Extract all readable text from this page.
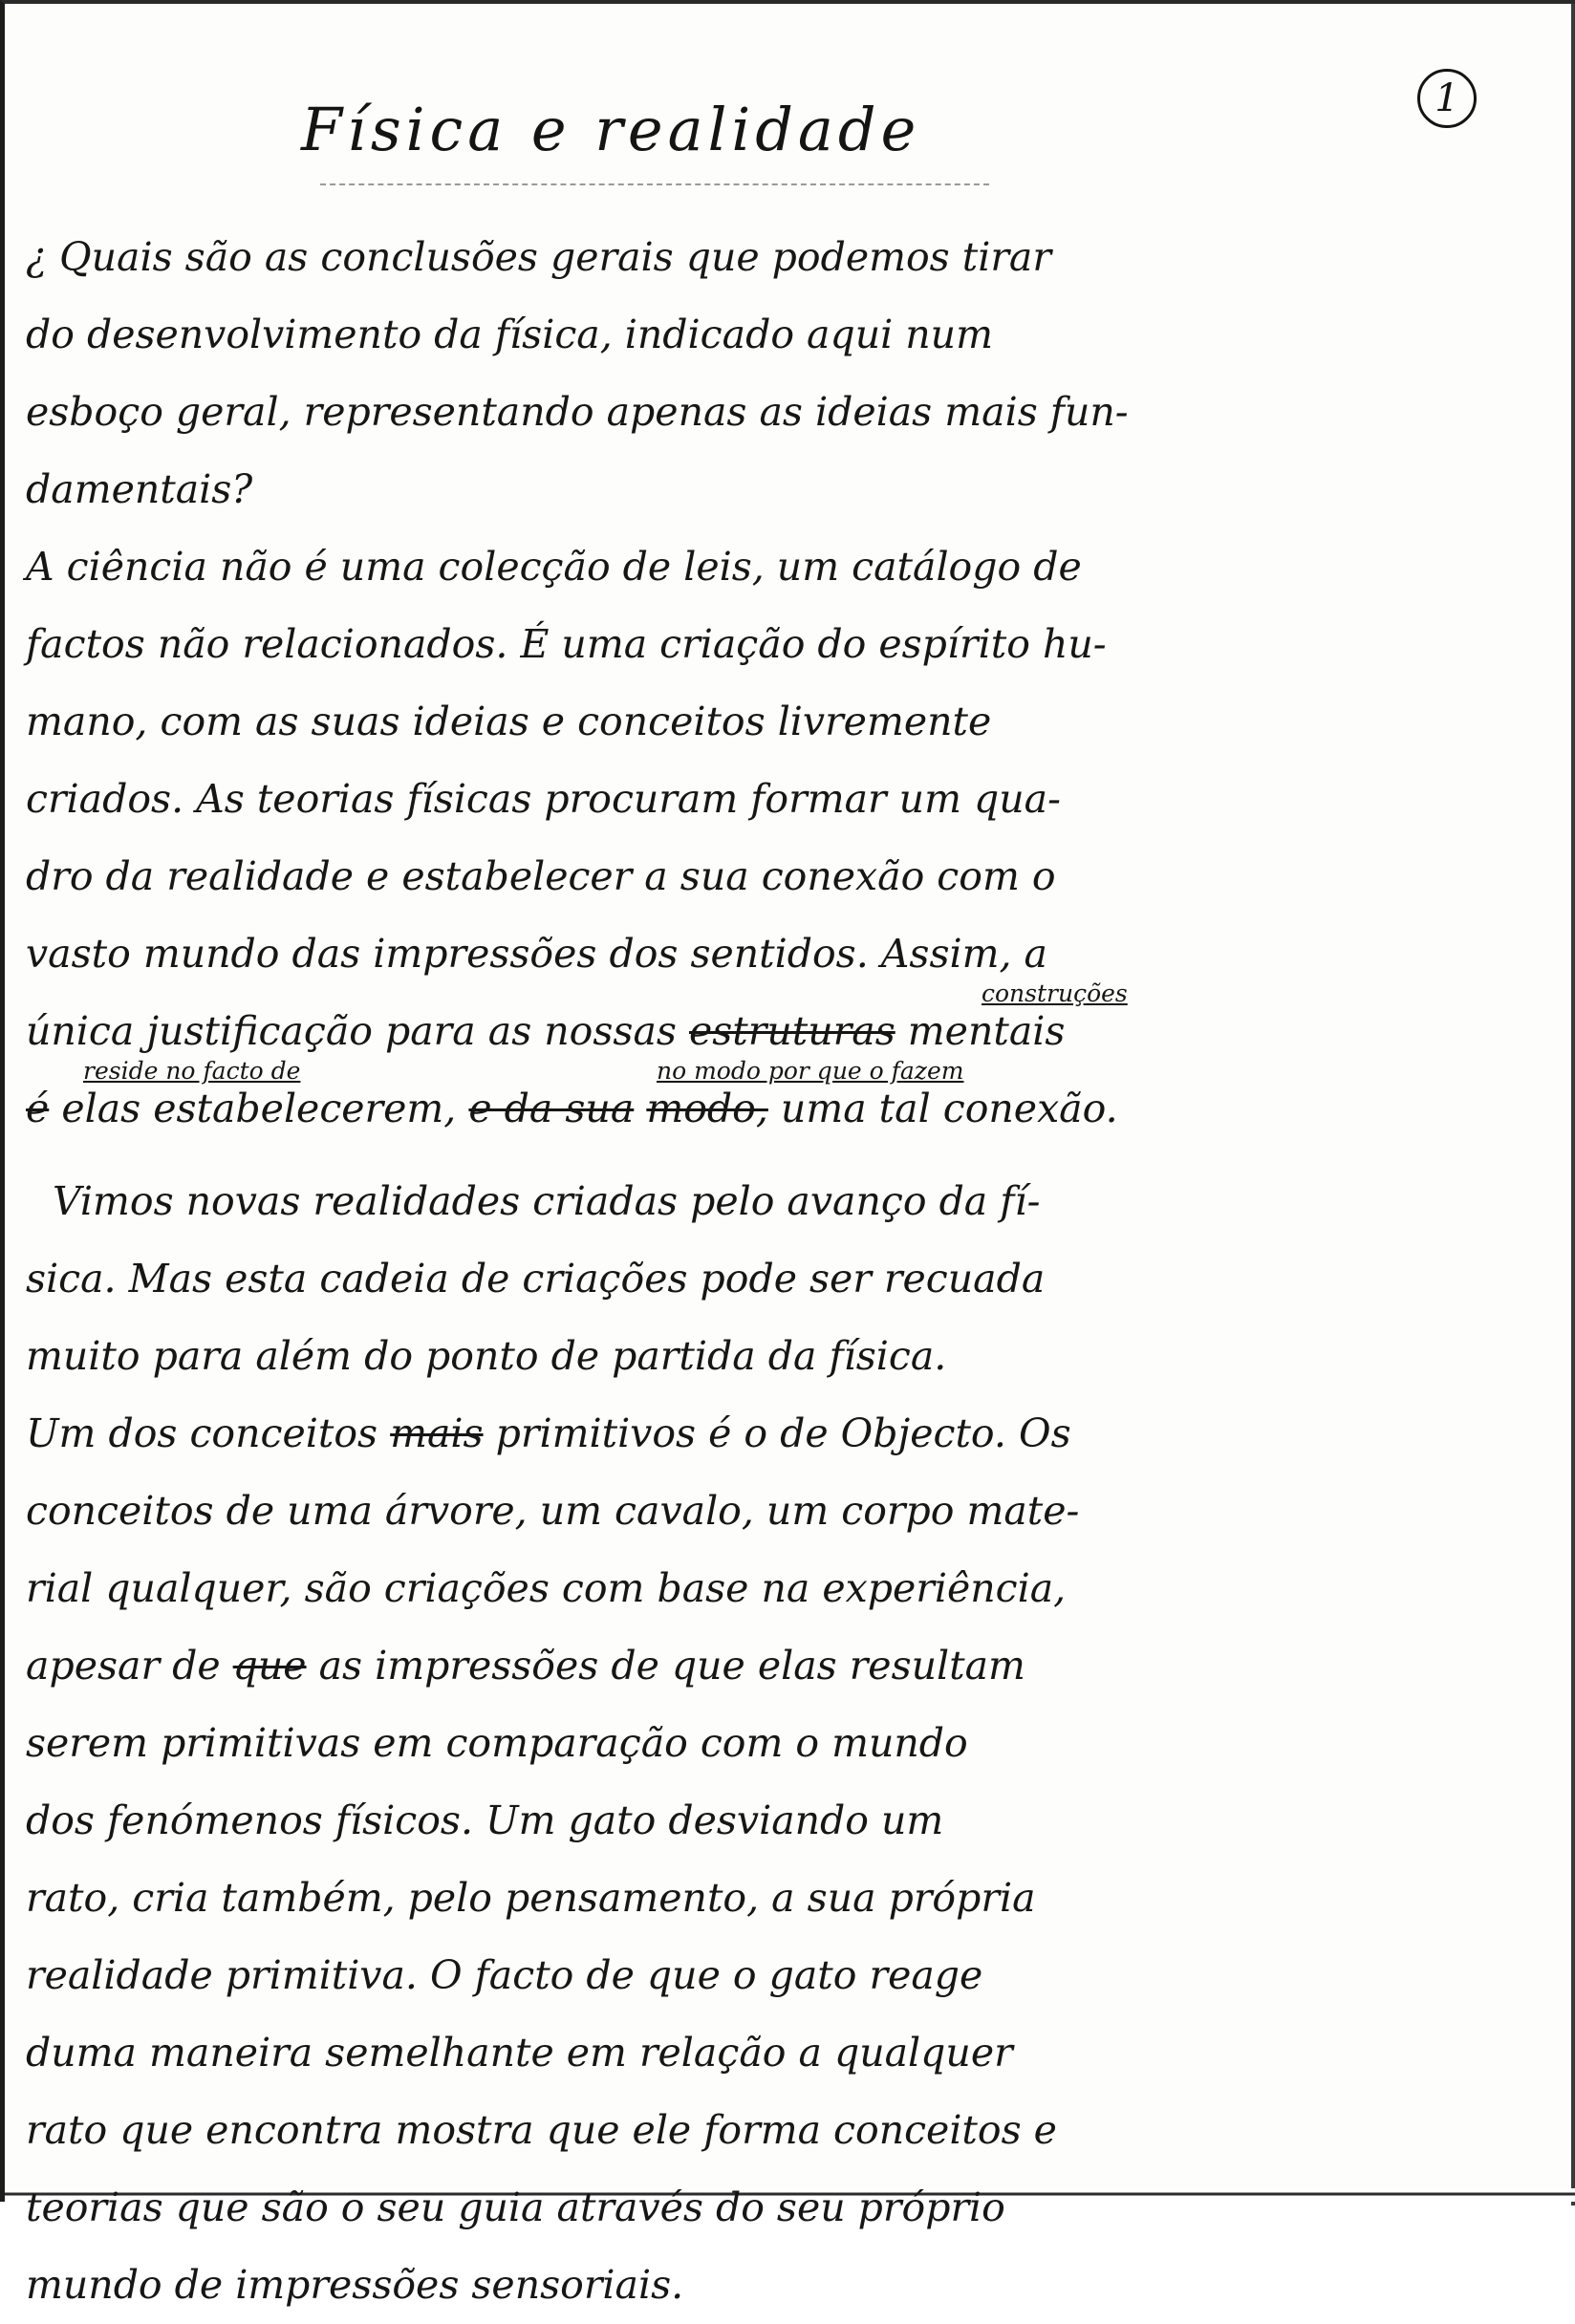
1
Física e realidade
¿ Quais são as conclusões gerais que podemos tirar
do desenvolvimento da física, indicado aqui num
esboço geral, representando apenas as ideias mais fun-
damentais?
A ciência não é uma colecção de leis, um catálogo de
factos não relacionados. É uma criação do espírito hu-
mano, com as suas ideias e conceitos livremente
criados. As teorias físicas procuram formar um qua-
dro da realidade e estabelecer a sua conexão com o
vasto mundo das impressões dos sentidos. Assim, a
construções
única justificação para as nossas estruturas mentais
reside no facto de	no modo por que o fazem
é elas estabelecerem, e da sua modo, uma tal conexão.
Vimos novas realidades criadas pelo avanço da fí-
sica. Mas esta cadeia de criações pode ser recuada
muito para além do ponto de partida da física.
Um dos conceitos mais primitivos é o de Objecto. Os
conceitos de uma árvore, um cavalo, um corpo mate-
rial qualquer, são criações com base na experiência,
apesar de que as impressões de que elas resultam
serem primitivas em comparação com o mundo
dos fenómenos físicos. Um gato desviando um
rato, cria também, pelo pensamento, a sua própria
realidade primitiva. O facto de que o gato reage
duma maneira semelhante em relação a qualquer
rato que encontra mostra que ele forma conceitos e
teorias que são o seu guia através do seu próprio
mundo de impressões sensoriais.
